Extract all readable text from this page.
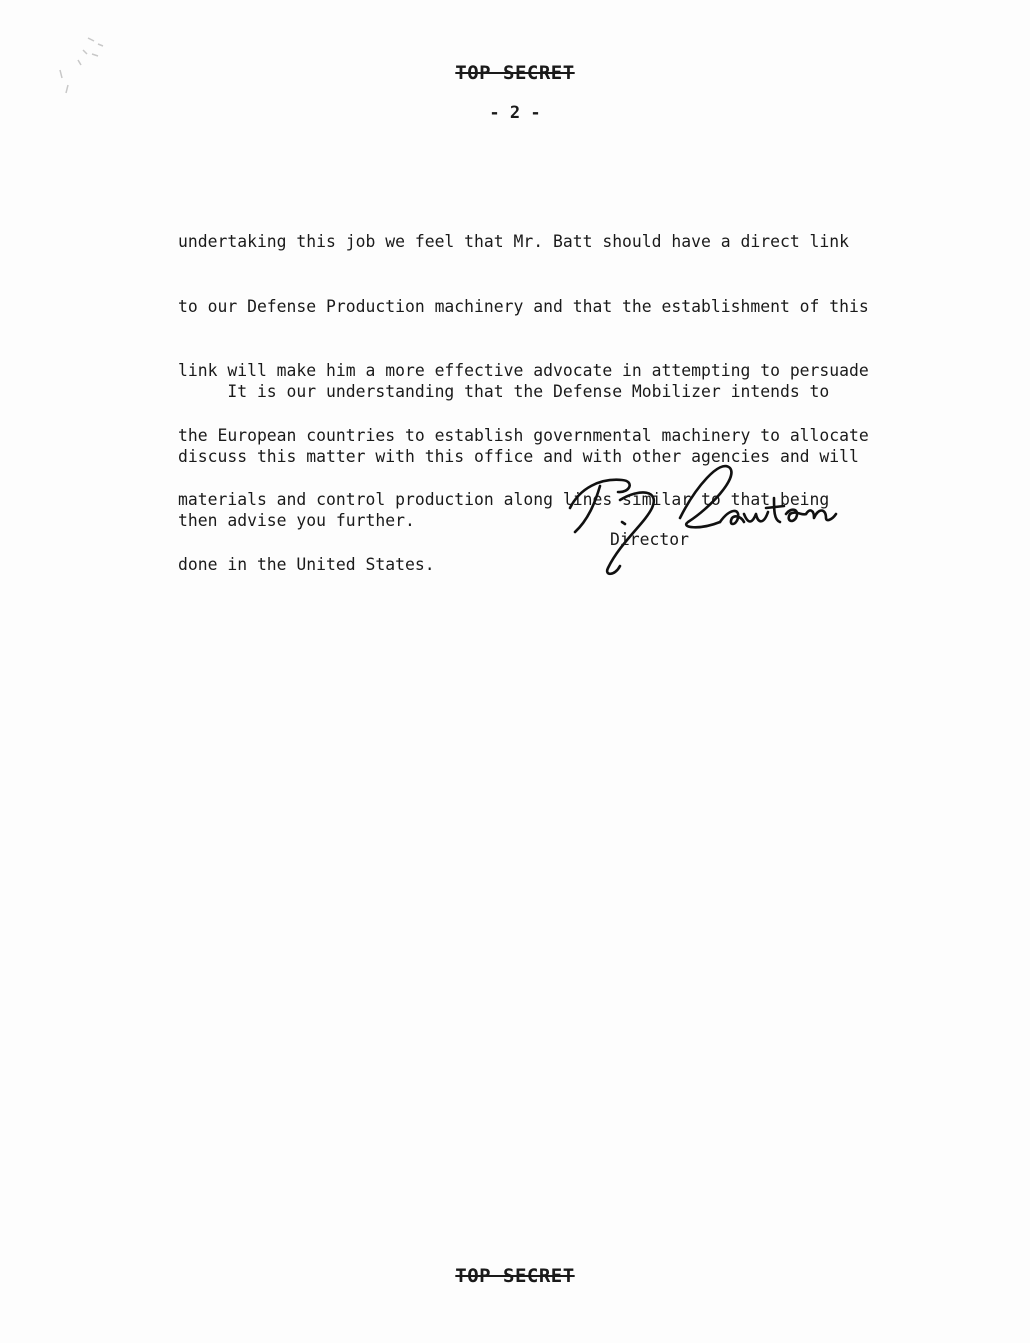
TOP SECRET
- 2 -

undertaking this job we feel that Mr. Batt should have a direct link

to our Defense Production machinery and that the establishment of this

link will make him a more effective advocate in attempting to persuade

the European countries to establish governmental machinery to allocate

materials and control production along lines similar to that being

done in the United States.

It is our understanding that the Defense Mobilizer intends to

discuss this matter with this office and with other agencies and will

then advise you further.

Director
TOP SECRET
